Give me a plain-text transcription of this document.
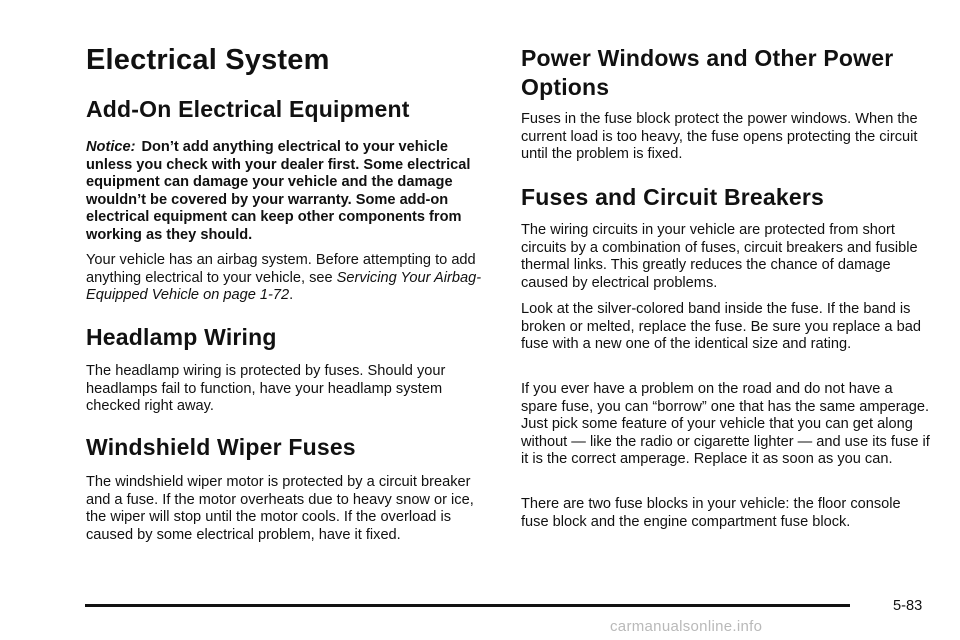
Electrical System
Add-On Electrical Equipment

Notice: Don’t add anything electrical to your vehicle unless you check with your dealer first. Some electrical equipment can damage your vehicle and the damage wouldn’t be covered by your warranty. Some add-on electrical equipment can keep other components from working as they should.

Your vehicle has an airbag system. Before attempting to add anything electrical to your vehicle, see Servicing Your Airbag-Equipped Vehicle on page 1-72.

Headlamp Wiring

The headlamp wiring is protected by fuses. Should your headlamps fail to function, have your headlamp system checked right away.

Windshield Wiper Fuses

The windshield wiper motor is protected by a circuit breaker and a fuse. If the motor overheats due to heavy snow or ice, the wiper will stop until the motor cools. If the overload is caused by some electrical problem, have it fixed.

Power Windows and Other Power Options

Fuses in the fuse block protect the power windows. When the current load is too heavy, the fuse opens protecting the circuit until the problem is fixed.

Fuses and Circuit Breakers

The wiring circuits in your vehicle are protected from short circuits by a combination of fuses, circuit breakers and fusible thermal links. This greatly reduces the chance of damage caused by electrical problems.

Look at the silver-colored band inside the fuse. If the band is broken or melted, replace the fuse. Be sure you replace a bad fuse with a new one of the identical size and rating.

If you ever have a problem on the road and do not have a spare fuse, you can “borrow” one that has the same amperage. Just pick some feature of your vehicle that you can get along without — like the radio or cigarette lighter — and use its fuse if it is the correct amperage. Replace it as soon as you can.

There are two fuse blocks in your vehicle: the floor console fuse block and the engine compartment fuse block.

5-83
carmanualsonline.info
